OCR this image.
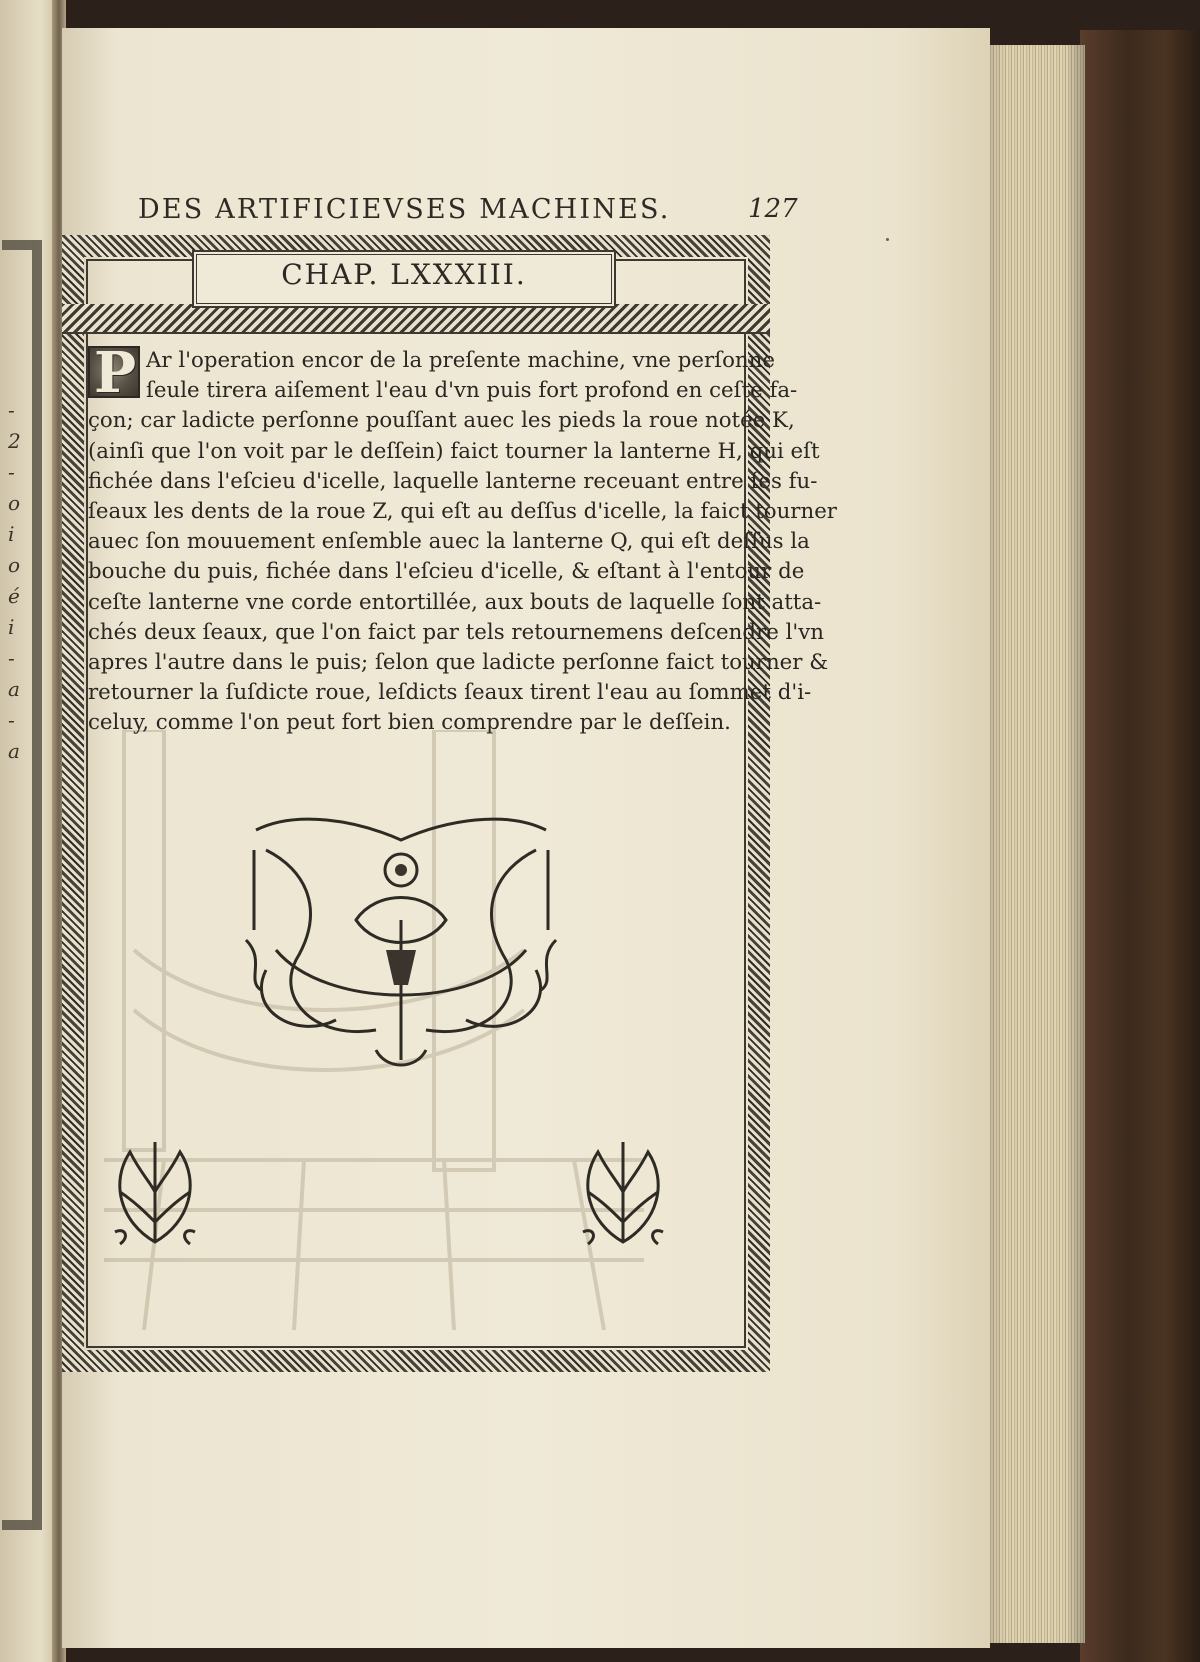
-
2
-
o
i
o
é
i
-
a
-
a
DES ARTIFICIEVSES MACHINES.	127
CHAP. LXXXIII.
P Ar l'operation encor de la preſente machine, vne perſonne
ſeule tirera aiſement l'eau d'vn puis fort profond en ceſte fa-
çon; car ladicte perſonne pouſſant auec les pieds la roue notée K,
(ainſi que l'on voit par le deſſein) faict tourner la lanterne H, qui eſt
fichée dans l'eſcieu d'icelle, laquelle lanterne receuant entre ſes fu-
ſeaux les dents de la roue Z, qui eſt au deſſus d'icelle, la faict tourner
auec ſon mouuement enſemble auec la lanterne Q, qui eſt deſſus la
bouche du puis, fichée dans l'eſcieu d'icelle, & eſtant à l'entour de
ceſte lanterne vne corde entortillée, aux bouts de laquelle ſont atta-
chés deux ſeaux, que l'on faict par tels retournemens deſcendre l'vn
apres l'autre dans le puis; ſelon que ladicte perſonne faict tourner &
retourner la ſuſdicte roue, leſdicts ſeaux tirent l'eau au ſommet d'i-
celuy, comme l'on peut fort bien comprendre par le deſſein.
